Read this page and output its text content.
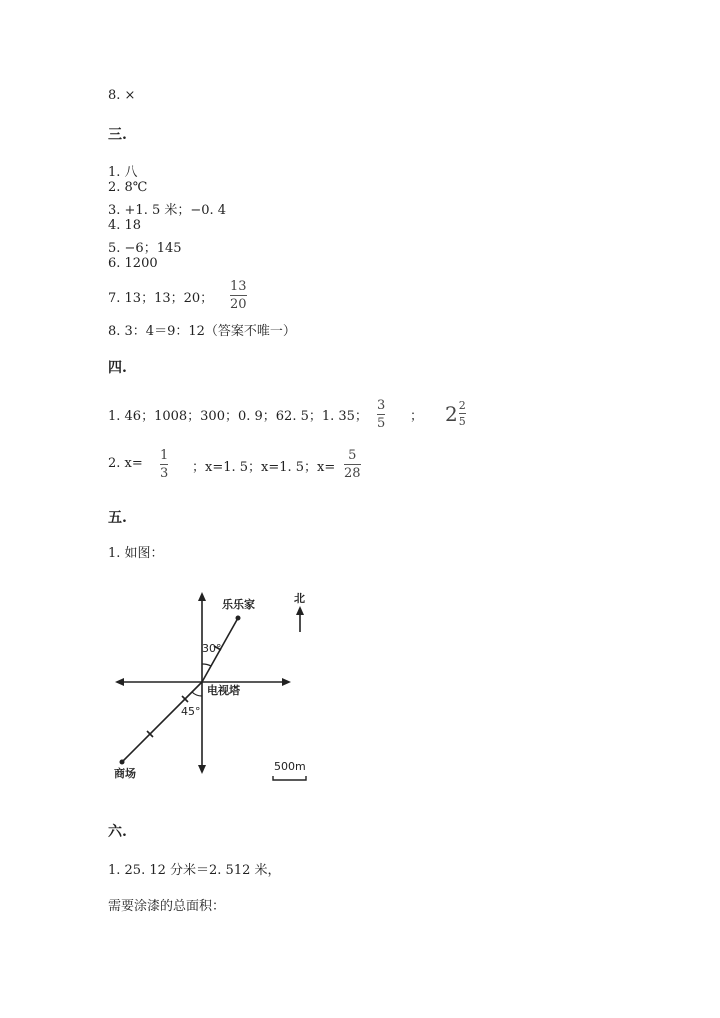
8. ×
三.
1. 八
2. 8℃
3. +1. 5 米；−0. 4
4. 18
5. −6；145
6. 1200
7. 13；13；20；
13
20
8. 3：4＝9：12（答案不唯一）
四.
1. 46；1008；300；0. 9；62. 5；1. 35；
3
5 ； 2 2
5
2. x=
1
3 ；x=1. 5；x=1. 5；x=
5
28
五.
1. 如图：
北
乐乐家
30°
电视塔
45°
商场
500m
六.
1. 25. 12 分米＝2. 512 米，
需要涂漆的总面积：
